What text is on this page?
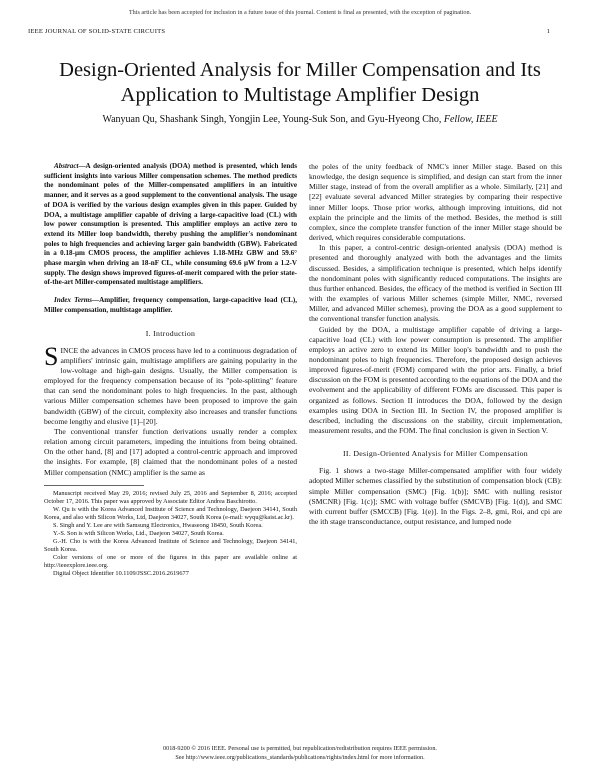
This article has been accepted for inclusion in a future issue of this journal. Content is final as presented, with the exception of pagination.
IEEE JOURNAL OF SOLID-STATE CIRCUITS	1
Design-Oriented Analysis for Miller Compensation and Its Application to Multistage Amplifier Design
Wanyuan Qu, Shashank Singh, Yongjin Lee, Young-Suk Son, and Gyu-Hyeong Cho, Fellow, IEEE
Abstract—A design-oriented analysis (DOA) method is presented, which lends sufficient insights into various Miller compensation schemes. The method predicts the nondominant poles of the Miller-compensated amplifiers in an intuitive manner, and it serves as a good supplement to the conventional analysis. The usage of DOA is verified by the various design examples given in this paper. Guided by DOA, a multistage amplifier capable of driving a large-capacitive load (CL) with low power consumption is presented. This amplifier employs an active zero to extend its Miller loop bandwidth, thereby pushing the amplifier's nondominant poles to high frequencies and achieving larger gain bandwidth (GBW). Fabricated in a 0.18-μm CMOS process, the amplifier achieves 1.18-MHz GBW and 59.6° phase margin when driving an 18-nF CL, while consuming 69.6 μW from a 1.2-V supply. The design shows improved figures-of-merit compared with the prior state-of-the-art Miller-compensated multistage amplifiers.
Index Terms—Amplifier, frequency compensation, large-capacitive load (CL), Miller compensation, multistage amplifier.
I. Introduction

SINCE the advances in CMOS process have led to a continuous degradation of amplifiers' intrinsic gain, multistage amplifiers are gaining popularity in the low-voltage and high-gain designs. Usually, the Miller compensation is employed for the frequency compensation because of its "pole-splitting" feature that can send the nondominant poles to high frequencies. In the past, although various Miller compensation schemes have been proposed to improve the gain bandwidth (GBW) of the circuit, complexity also increases and transfer functions become lengthy and elusive [1]–[20].

The conventional transfer function derivations usually render a complex relation among circuit parameters, impeding the intuitions from being obtained. On the other hand, [8] and [17] adopted a control-centric approach and improved the insights. For example, [8] claimed that the nondominant poles of a nested Miller compensation (NMC) amplifier is the same as

Manuscript received May 29, 2016; revised July 25, 2016 and September 8, 2016; accepted October 17, 2016. This paper was approved by Associate Editor Andrea Baschirotto.

W. Qu is with the Korea Advanced Institute of Science and Technology, Daejeon 34141, South Korea, and also with Silicon Works, Ltd, Daejeon 34027, South Korea (e-mail: wyqu@kaist.ac.kr).

S. Singh and Y. Lee are with Samsung Electronics, Hwaseong 18450, South Korea.

Y.-S. Son is with Silicon Works, Ltd., Daejeon 34027, South Korea.

G.-H. Cho is with the Korea Advanced Institute of Science and Technology, Daejeon 34141, South Korea.

Color versions of one or more of the figures in this paper are available online at http://ieeexplore.ieee.org.

Digital Object Identifier 10.1109/JSSC.2016.2619677

the poles of the unity feedback of NMC's inner Miller stage. Based on this knowledge, the design sequence is simplified, and design can start from the inner Miller stage, instead of from the overall amplifier as a whole. Similarly, [21] and [22] evaluate several advanced Miller strategies by comparing their respective inner Miller loops. Those prior works, although improving intuitions, did not explain the principle and the limits of the method. Besides, the method is still complex, since the complete transfer function of the inner Miller stage should be derived, which requires considerable computations.

In this paper, a control-centric design-oriented analysis (DOA) method is presented and thoroughly analyzed with both the advantages and the limits discussed. Besides, a simplification technique is presented, which helps identify the nondominant poles with significantly reduced computations. The insights are thus further enhanced. Besides, the efficacy of the method is verified in Section III with the examples of various Miller schemes (simple Miller, NMC, reversed Miller, and advanced Miller schemes), proving the DOA as a good supplement to the conventional transfer function analysis.

Guided by the DOA, a multistage amplifier capable of driving a large-capacitive load (CL) with low power consumption is presented. The amplifier employs an active zero to extend its Miller loop's bandwidth and to push the nondominant poles to high frequencies. Therefore, the proposed design achieves improved figures-of-merit (FOM) compared with the prior arts. Finally, a brief discussion on the FOM is presented according to the equations of the DOA and the evolvement and the applicability of different FOMs are discussed. This paper is organized as follows. Section II introduces the DOA, followed by the design examples using DOA in Section III. In Section IV, the proposed amplifier is described, including the discussions on the stability, circuit implementation, measurement results, and the FOM. The final conclusion is given in Section V.

II. Design-Oriented Analysis for Miller Compensation

Fig. 1 shows a two-stage Miller-compensated amplifier with four widely adopted Miller schemes classified by the substitution of compensation block (CB): simple Miller compensation (SMC) [Fig. 1(b)]; SMC with nulling resistor (SMCNR) [Fig. 1(c)]; SMC with voltage buffer (SMCVB) [Fig. 1(d)], and SMC with current buffer (SMCCB) [Fig. 1(e)]. In the Figs. 2–8, gmi, Roi, and cpi are the ith stage transconductance, output resistance, and lumped node

0018-9200 © 2016 IEEE. Personal use is permitted, but republication/redistribution requires IEEE permission.
See http://www.ieee.org/publications_standards/publications/rights/index.html for more information.
